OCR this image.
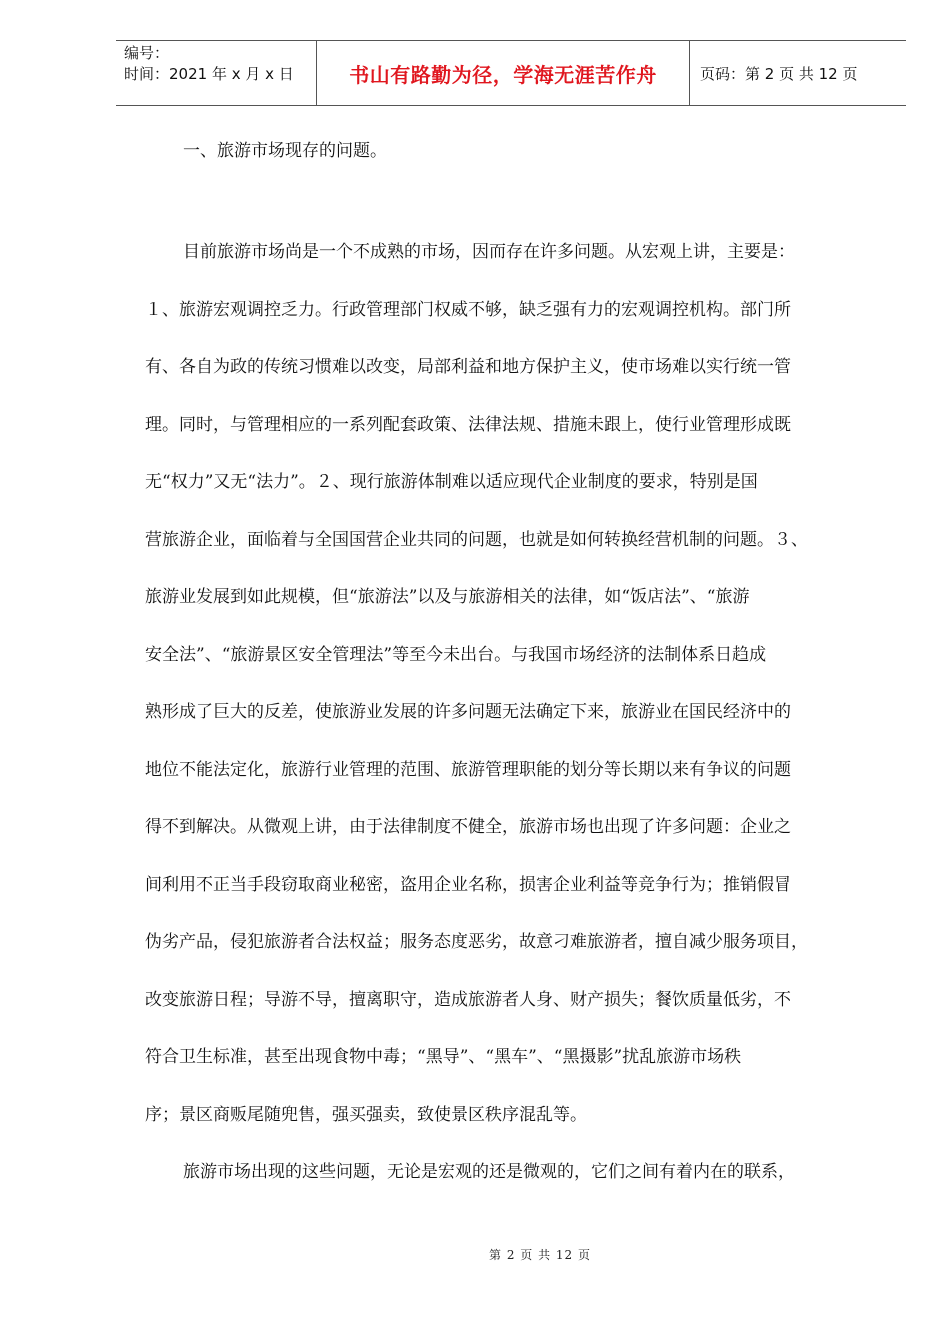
编号：
时间：2021 年 x 月 x 日	书山有路勤为径，学海无涯苦作舟	页码：第 2 页 共 12 页
一、旅游市场现存的问题。
目前旅游市场尚是一个不成熟的市场，因而存在许多问题。从宏观上讲，主要是：
１、旅游宏观调控乏力。行政管理部门权威不够，缺乏强有力的宏观调控机构。部门所
有、各自为政的传统习惯难以改变，局部利益和地方保护主义，使市场难以实行统一管
理。同时，与管理相应的一系列配套政策、法律法规、措施未跟上，使行业管理形成既
无“权力”又无“法力”。２、现行旅游体制难以适应现代企业制度的要求，特别是国
营旅游企业，面临着与全国国营企业共同的问题，也就是如何转换经营机制的问题。３、
旅游业发展到如此规模，但“旅游法”以及与旅游相关的法律，如“饭店法”、“旅游
安全法”、“旅游景区安全管理法”等至今未出台。与我国市场经济的法制体系日趋成
熟形成了巨大的反差，使旅游业发展的许多问题无法确定下来，旅游业在国民经济中的
地位不能法定化，旅游行业管理的范围、旅游管理职能的划分等长期以来有争议的问题
得不到解决。从微观上讲，由于法律制度不健全，旅游市场也出现了许多问题：企业之
间利用不正当手段窃取商业秘密，盗用企业名称，损害企业利益等竞争行为；推销假冒
伪劣产品，侵犯旅游者合法权益；服务态度恶劣，故意刁难旅游者，擅自减少服务项目，
改变旅游日程；导游不导，擅离职守，造成旅游者人身、财产损失；餐饮质量低劣，不
符合卫生标准，甚至出现食物中毒；“黑导”、“黑车”、“黑摄影”扰乱旅游市场秩
序；景区商贩尾随兜售，强买强卖，致使景区秩序混乱等。
旅游市场出现的这些问题，无论是宏观的还是微观的，它们之间有着内在的联系，
第 2 页 共 12 页
